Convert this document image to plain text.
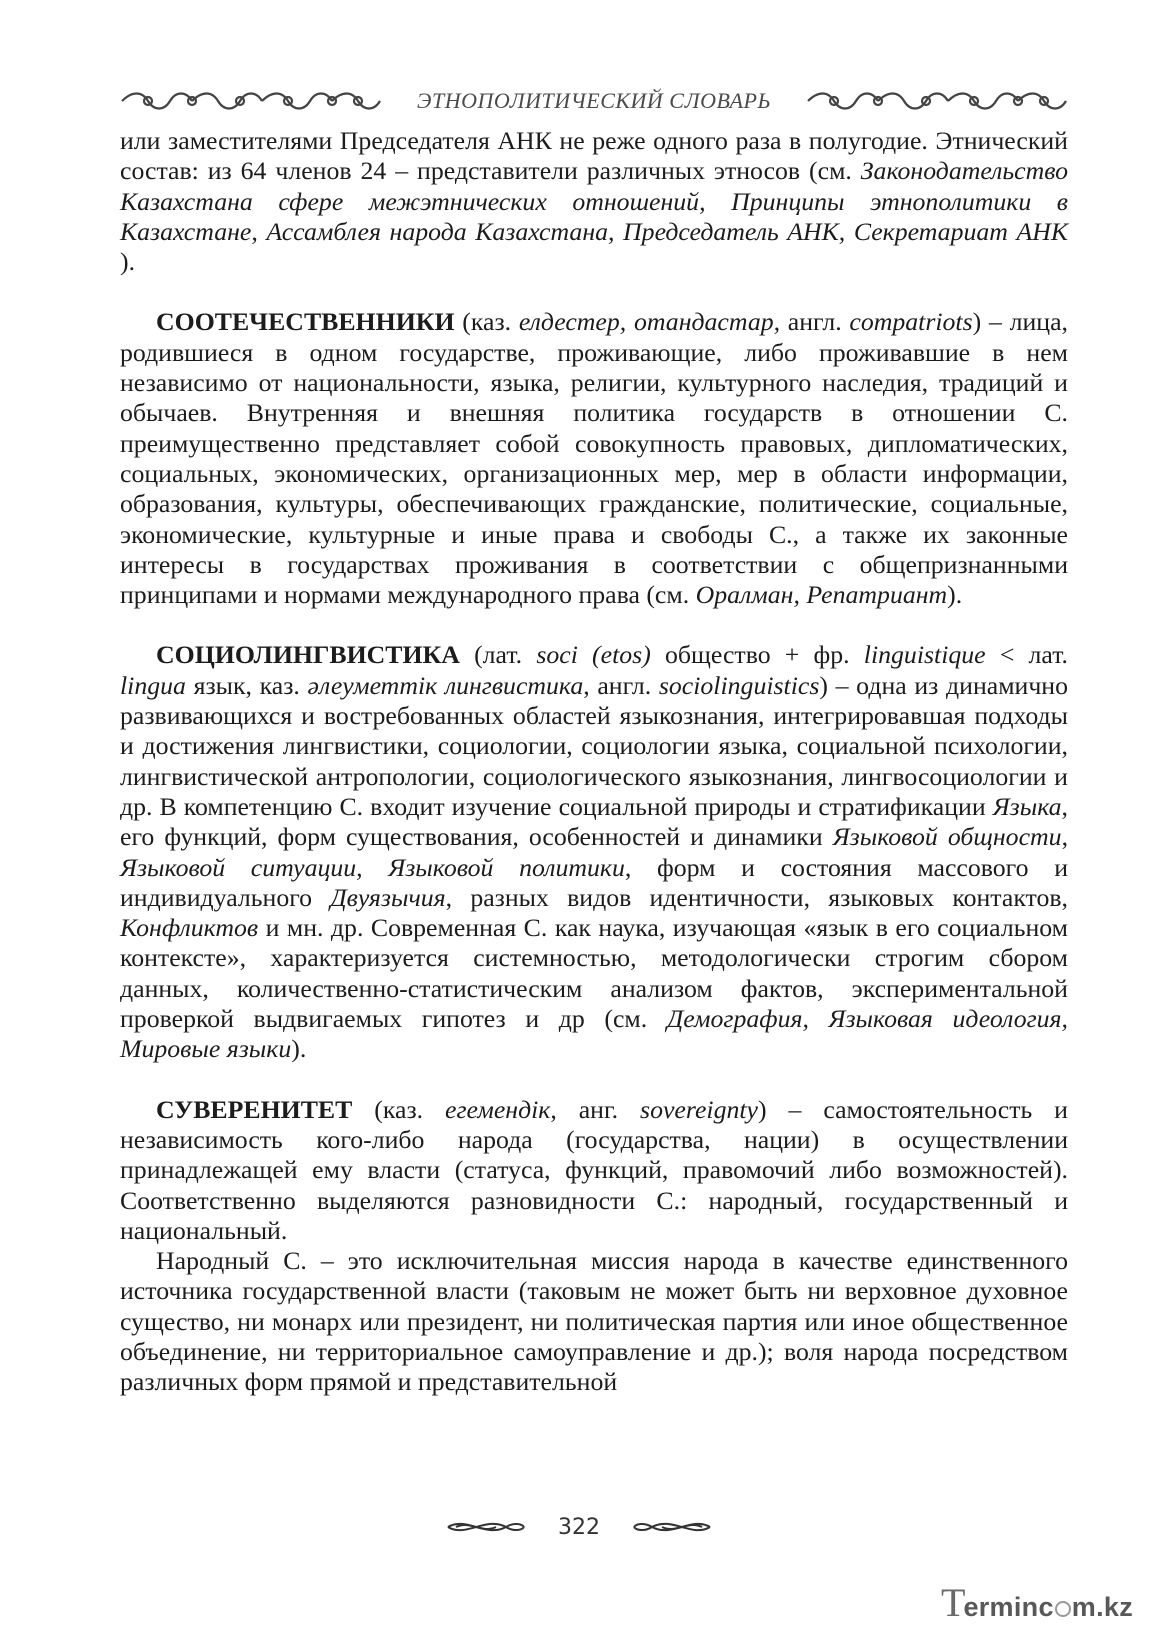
ЭТНОПОЛИТИЧЕСКИЙ СЛОВАРЬ

или заместителями Председателя АНК не реже одного раза в полугодие. Этнический состав: из 64 членов 24 – представители различных этносов (см. Законодательство Казахстана сфере межэтнических отношений, Принципы этнополитики в Казахстане, Ассамблея народа Казахстана, Председатель АНК, Секретариат АНК ).

СООТЕЧЕСТВЕННИКИ (каз. елдестер, отандастар, англ. compatriots) – лица, родившиеся в одном государстве, проживающие, либо проживавшие в нем независимо от национальности, языка, религии, культурного наследия, традиций и обычаев. Внутренняя и внешняя политика государств в отношении С. преимущественно представляет собой совокупность правовых, дипломатических, социальных, экономических, организационных мер, мер в области информации, образования, культуры, обеспечивающих гражданские, политические, социальные, экономические, культурные и иные права и свободы С., а также их законные интересы в государствах проживания в соответствии с общепризнанными принципами и нормами международного права (см. Оралман, Репатриант).

СОЦИОЛИНГВИСТИКА (лат. soci (etos) общество + фр. linguistique < лат. lingua язык, каз. әлеуметтік лингвистика, англ. sociolinguistics) – одна из динамично развивающихся и востребованных областей языкознания, интегрировавшая подходы и достижения лингвистики, социологии, социологии языка, социальной психологии, лингвистической антропологии, социологического языкознания, лингвосоциологии и др. В компетенцию С. входит изучение социальной природы и стратификации Языка, его функций, форм существования, особенностей и динамики Языковой общности, Языковой ситуации, Языковой политики, форм и состояния массового и индивидуального Двуязычия, разных видов идентичности, языковых контактов, Конфликтов и мн. др. Современная С. как наука, изучающая «язык в его социальном контексте», характеризуется системностью, методологически строгим сбором данных, количественно-статистическим анализом фактов, экспериментальной проверкой выдвигаемых гипотез и др (см. Демография, Языковая идеология, Мировые языки).

СУВЕРЕНИТЕТ (каз. егемендік, анг. sovereignty) – самостоятельность и независимость кого-либо народа (государства, нации) в осуществлении принадлежащей ему власти (статуса, функций, правомочий либо возможностей). Соответственно выделяются разновидности С.: народный, государственный и национальный.

Народный С. – это исключительная миссия народа в качестве единственного источника государственной власти (таковым не может быть ни верховное духовное существо, ни монарх или президент, ни политическая партия или иное общественное объединение, ни территориальное самоуправление и др.); воля народа посредством различных форм прямой и представительной

322
T
erminc m.kz
